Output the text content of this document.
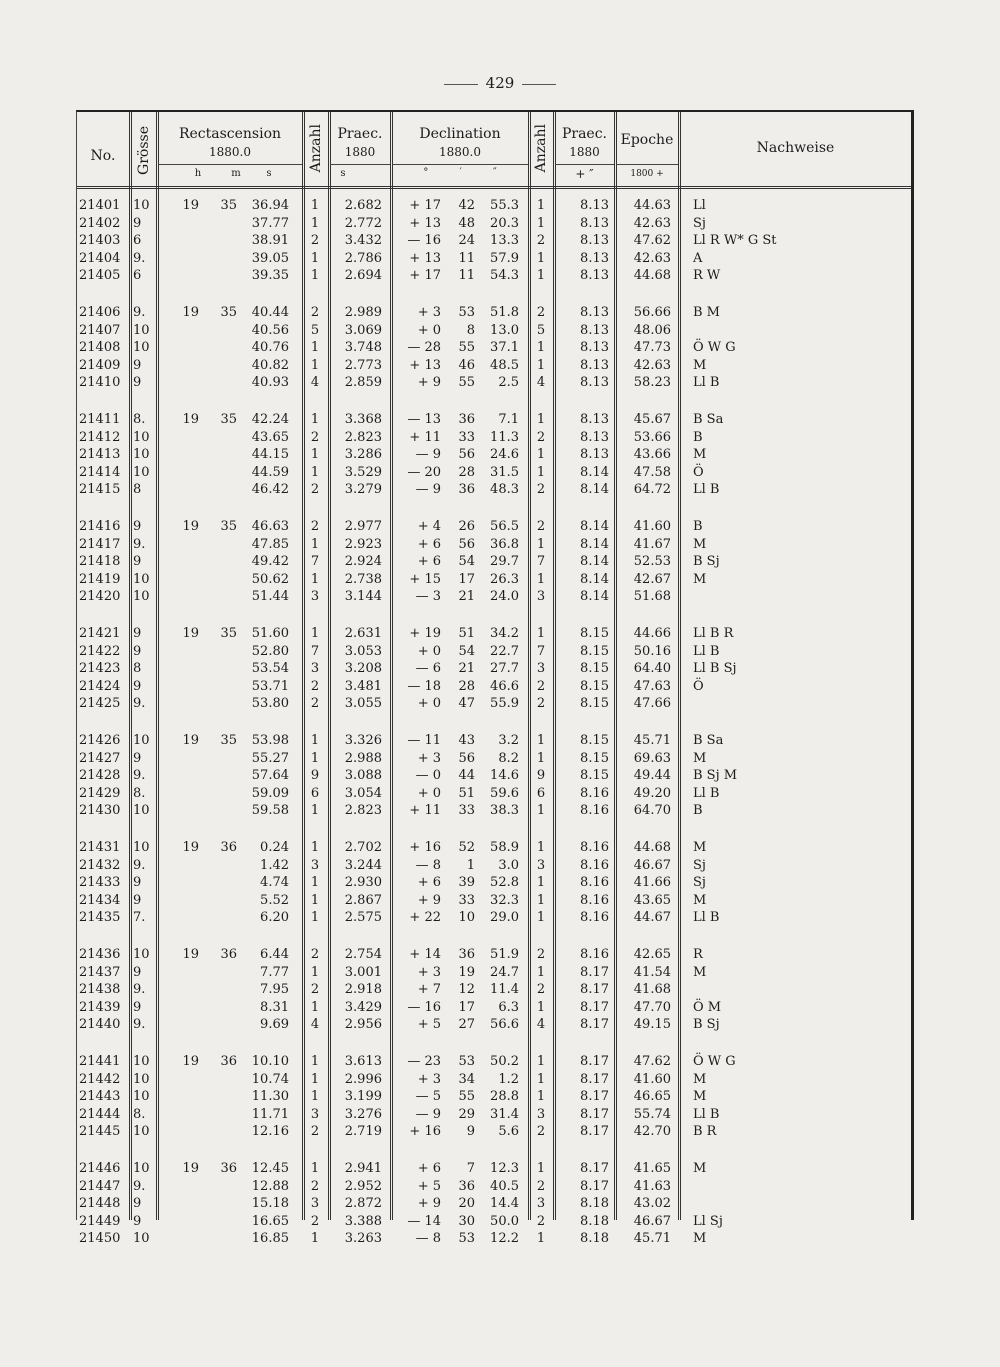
429
No.	Grösse	Rectascension
1880.0
h	m	s
Anzahl Praec.
1880
s
Declination
1880.0
° ′ ″
Anzahl Praec.
1880
+ ″
Epoche
1800 +
Nachweise
21401 10	19	35	36.94	1	2.682	+ 17	42	55.3	1	8.13	44.63 Ll
21402 9	37.77	1	2.772	+ 13	48	20.3	1	8.13	42.63 Sj
21403 6	38.91	2	3.432	— 16	24	13.3	2	8.13	47.62 Ll R W* G St
21404 9.	39.05	1	2.786	+ 13	11	57.9	1	8.13	42.63 A
21405 6	39.35	1	2.694	+ 17	11	54.3	1	8.13	44.68 R W
21406 9.	19	35	40.44	2	2.989	+ 3	53	51.8	2	8.13	56.66 B M
21407 10	40.56	5	3.069	+ 0	8	13.0	5	8.13	48.06
21408 10	40.76	1	3.748	— 28	55	37.1	1	8.13	47.73 Ö W G
21409 9	40.82	1	2.773	+ 13	46	48.5	1	8.13	42.63 M
21410 9	40.93	4	2.859	+ 9	55	2.5	4	8.13	58.23 Ll B
21411 8.	19	35	42.24	1	3.368	— 13	36	7.1	1	8.13	45.67 B Sa
21412 10	43.65	2	2.823	+ 11	33	11.3	2	8.13	53.66 B
21413 10	44.15	1	3.286	— 9	56	24.6	1	8.13	43.66 M
21414 10	44.59	1	3.529	— 20	28	31.5	1	8.14	47.58 Ö
21415 8	46.42	2	3.279	— 9	36	48.3	2	8.14	64.72 Ll B
21416 9	19	35	46.63	2	2.977	+ 4	26	56.5	2	8.14	41.60 B
21417 9.	47.85	1	2.923	+ 6	56	36.8	1	8.14	41.67 M
21418 9	49.42	7	2.924	+ 6	54	29.7	7	8.14	52.53 B Sj
21419 10	50.62	1	2.738	+ 15	17	26.3	1	8.14	42.67 M
21420 10	51.44	3	3.144	— 3	21	24.0	3	8.14	51.68
21421 9	19	35	51.60	1	2.631	+ 19	51	34.2	1	8.15	44.66 Ll B R
21422 9	52.80	7	3.053	+ 0	54	22.7	7	8.15	50.16 Ll B
21423 8	53.54	3	3.208	— 6	21	27.7	3	8.15	64.40 Ll B Sj
21424 9	53.71	2	3.481	— 18	28	46.6	2	8.15	47.63 Ö
21425 9.	53.80	2	3.055	+ 0	47	55.9	2	8.15	47.66
21426 10	19	35	53.98	1	3.326	— 11	43	3.2	1	8.15	45.71 B Sa
21427 9	55.27	1	2.988	+ 3	56	8.2	1	8.15	69.63 M
21428 9.	57.64	9	3.088	— 0	44	14.6	9	8.15	49.44 B Sj M
21429 8.	59.09	6	3.054	+ 0	51	59.6	6	8.16	49.20 Ll B
21430 10	59.58	1	2.823	+ 11	33	38.3	1	8.16	64.70 B
21431 10	19	36	0.24	1	2.702	+ 16	52	58.9	1	8.16	44.68 M
21432 9.	1.42	3	3.244	— 8	1	3.0	3	8.16	46.67 Sj
21433 9	4.74	1	2.930	+ 6	39	52.8	1	8.16	41.66 Sj
21434 9	5.52	1	2.867	+ 9	33	32.3	1	8.16	43.65 M
21435 7.	6.20	1	2.575	+ 22	10	29.0	1	8.16	44.67 Ll B
21436 10	19	36	6.44	2	2.754	+ 14	36	51.9	2	8.16	42.65 R
21437 9	7.77	1	3.001	+ 3	19	24.7	1	8.17	41.54 M
21438 9.	7.95	2	2.918	+ 7	12	11.4	2	8.17	41.68
21439 9	8.31	1	3.429	— 16	17	6.3	1	8.17	47.70 Ö M
21440 9.	9.69	4	2.956	+ 5	27	56.6	4	8.17	49.15 B Sj
21441 10	19	36	10.10	1	3.613	— 23	53	50.2	1	8.17	47.62 Ö W G
21442 10	10.74	1	2.996	+ 3	34	1.2	1	8.17	41.60 M
21443 10	11.30	1	3.199	— 5	55	28.8	1	8.17	46.65 M
21444 8.	11.71	3	3.276	— 9	29	31.4	3	8.17	55.74 Ll B
21445 10	12.16	2	2.719	+ 16	9	5.6	2	8.17	42.70 B R
21446 10	19	36	12.45	1	2.941	+ 6	7	12.3	1	8.17	41.65 M
21447 9.	12.88	2	2.952	+ 5	36	40.5	2	8.17	41.63
21448 9	15.18	3	2.872	+ 9	20	14.4	3	8.18	43.02
21449 9	16.65	2	3.388	— 14	30	50.0	2	8.18	46.67 Ll Sj
21450 10	16.85	1	3.263	— 8	53	12.2	1	8.18	45.71 M
